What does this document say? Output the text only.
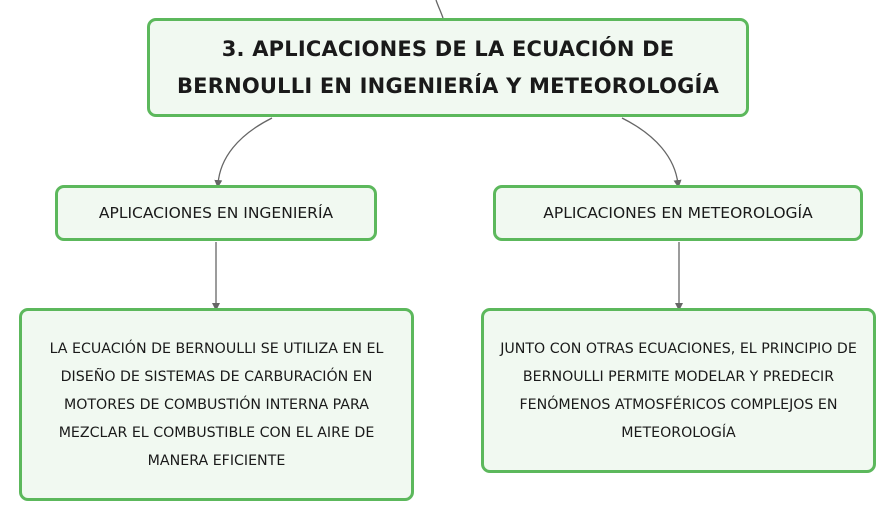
3. APLICACIONES DE LA ECUACIÓN DE BERNOULLI EN INGENIERÍA Y METEOROLOGÍA
APLICACIONES EN INGENIERÍA	APLICACIONES EN METEOROLOGÍA
LA ECUACIÓN DE BERNOULLI SE UTILIZA EN EL DISEÑO DE SISTEMAS DE CARBURACIÓN EN MOTORES DE COMBUSTIÓN INTERNA PARA MEZCLAR EL COMBUSTIBLE CON EL AIRE DE MANERA EFICIENTE
JUNTO CON OTRAS ECUACIONES, EL PRINCIPIO DE BERNOULLI PERMITE MODELAR Y PREDECIR FENÓMENOS ATMOSFÉRICOS COMPLEJOS EN METEOROLOGÍA
